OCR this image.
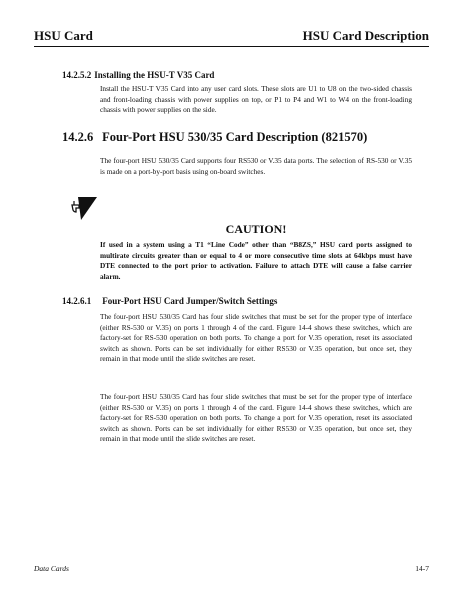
HSU Card	HSU Card Description
14.2.5.2 Installing the HSU-T V35 Card
Install the HSU-T V35 Card into any user card slots. These slots are U1 to U8 on the two-sided chassis and front-loading chassis with power supplies on top, or P1 to P4 and W1 to W4 on the front-loading chassis with power supplies on the side.
14.2.6 Four-Port HSU 530/35 Card Description (821570)
The four-port HSU 530/35 Card supports four RS530 or V.35 data ports. The selection of RS-530 or V.35 is made on a port-by-port basis using on-board switches.
CAUTION!
If used in a system using a T1 “Line Code” other than “B8ZS,” HSU card ports assigned to multirate circuits greater than or equal to 4 or more consecutive time slots at 64kbps must have DTE connected to the port prior to activation. Failure to attach DTE will cause a false carrier alarm.
14.2.6.1 Four-Port HSU Card Jumper/Switch Settings
The four-port HSU 530/35 Card has four slide switches that must be set for the proper type of interface (either RS-530 or V.35) on ports 1 through 4 of the card. Figure 14-4 shows these switches, which are factory-set for RS-530 operation on both ports. To change a port for V.35 operation, reset its associated switch as shown. Ports can be set individually for either RS530 or V.35 operation, but once set, they remain in that mode until the slide switches are reset.
The four-port HSU 530/35 Card has four slide switches that must be set for the proper type of interface (either RS-530 or V.35) on ports 1 through 4 of the card. Figure 14-4 shows these switches, which are factory-set for RS-530 operation on both ports. To change a port for V.35 operation, reset its associated switch as shown. Ports can be set individually for either RS530 or V.35 operation, but once set, they remain in that mode until the slide switches are reset.
Data Cards	14-7
